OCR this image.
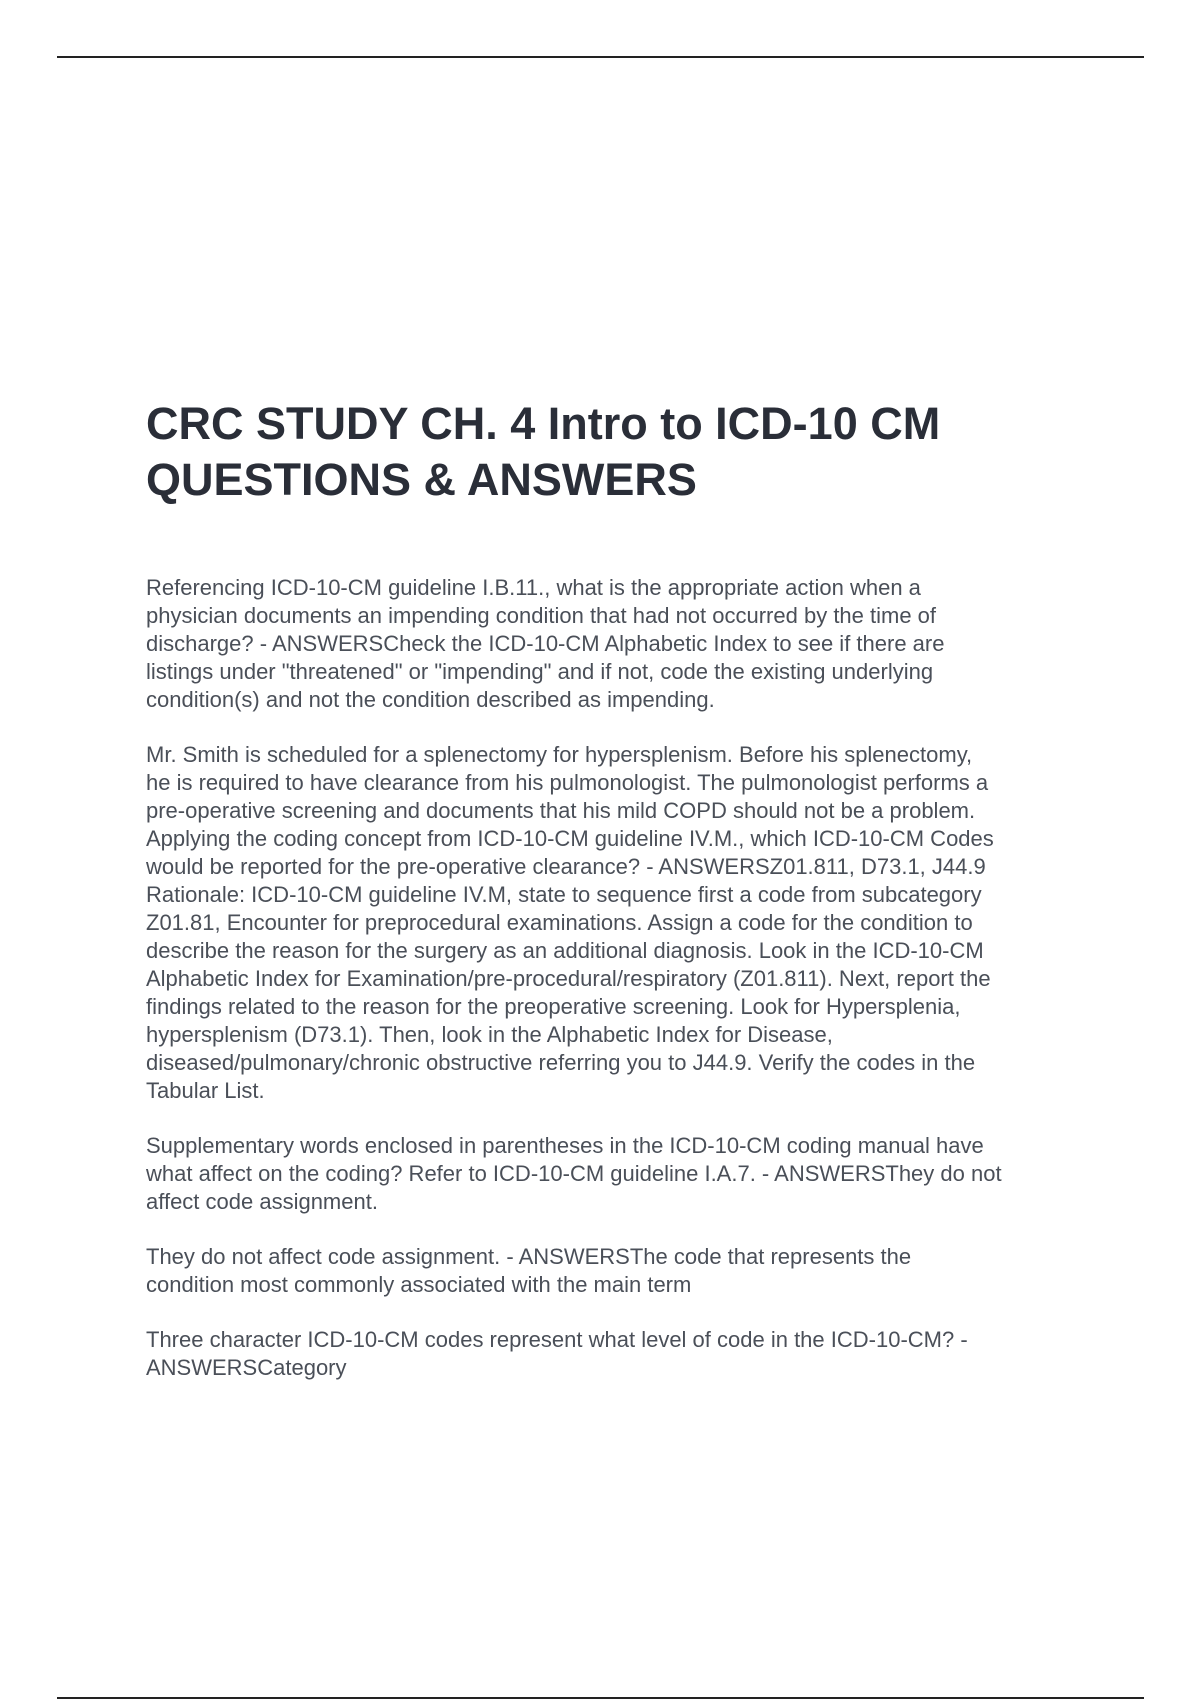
CRC STUDY CH. 4 Intro to ICD-10 CM
QUESTIONS & ANSWERS

Referencing ICD-10-CM guideline I.B.11., what is the appropriate action when a
physician documents an impending condition that had not occurred by the time of
discharge? - ANSWERSCheck the ICD-10-CM Alphabetic Index to see if there are
listings under "threatened" or "impending" and if not, code the existing underlying
condition(s) and not the condition described as impending.

Mr. Smith is scheduled for a splenectomy for hypersplenism. Before his splenectomy,
he is required to have clearance from his pulmonologist. The pulmonologist performs a
pre-operative screening and documents that his mild COPD should not be a problem.
Applying the coding concept from ICD-10-CM guideline IV.M., which ICD-10-CM Codes
would be reported for the pre-operative clearance? - ANSWERSZ01.811, D73.1, J44.9
Rationale: ICD-10-CM guideline IV.M, state to sequence first a code from subcategory
Z01.81, Encounter for preprocedural examinations. Assign a code for the condition to
describe the reason for the surgery as an additional diagnosis. Look in the ICD-10-CM
Alphabetic Index for Examination/pre-procedural/respiratory (Z01.811). Next, report the
findings related to the reason for the preoperative screening. Look for Hypersplenia,
hypersplenism (D73.1). Then, look in the Alphabetic Index for Disease,
diseased/pulmonary/chronic obstructive referring you to J44.9. Verify the codes in the
Tabular List.

Supplementary words enclosed in parentheses in the ICD-10-CM coding manual have
what affect on the coding? Refer to ICD-10-CM guideline I.A.7. - ANSWERSThey do not
affect code assignment.

They do not affect code assignment. - ANSWERSThe code that represents the
condition most commonly associated with the main term

Three character ICD-10-CM codes represent what level of code in the ICD-10-CM? -
ANSWERSCategory
